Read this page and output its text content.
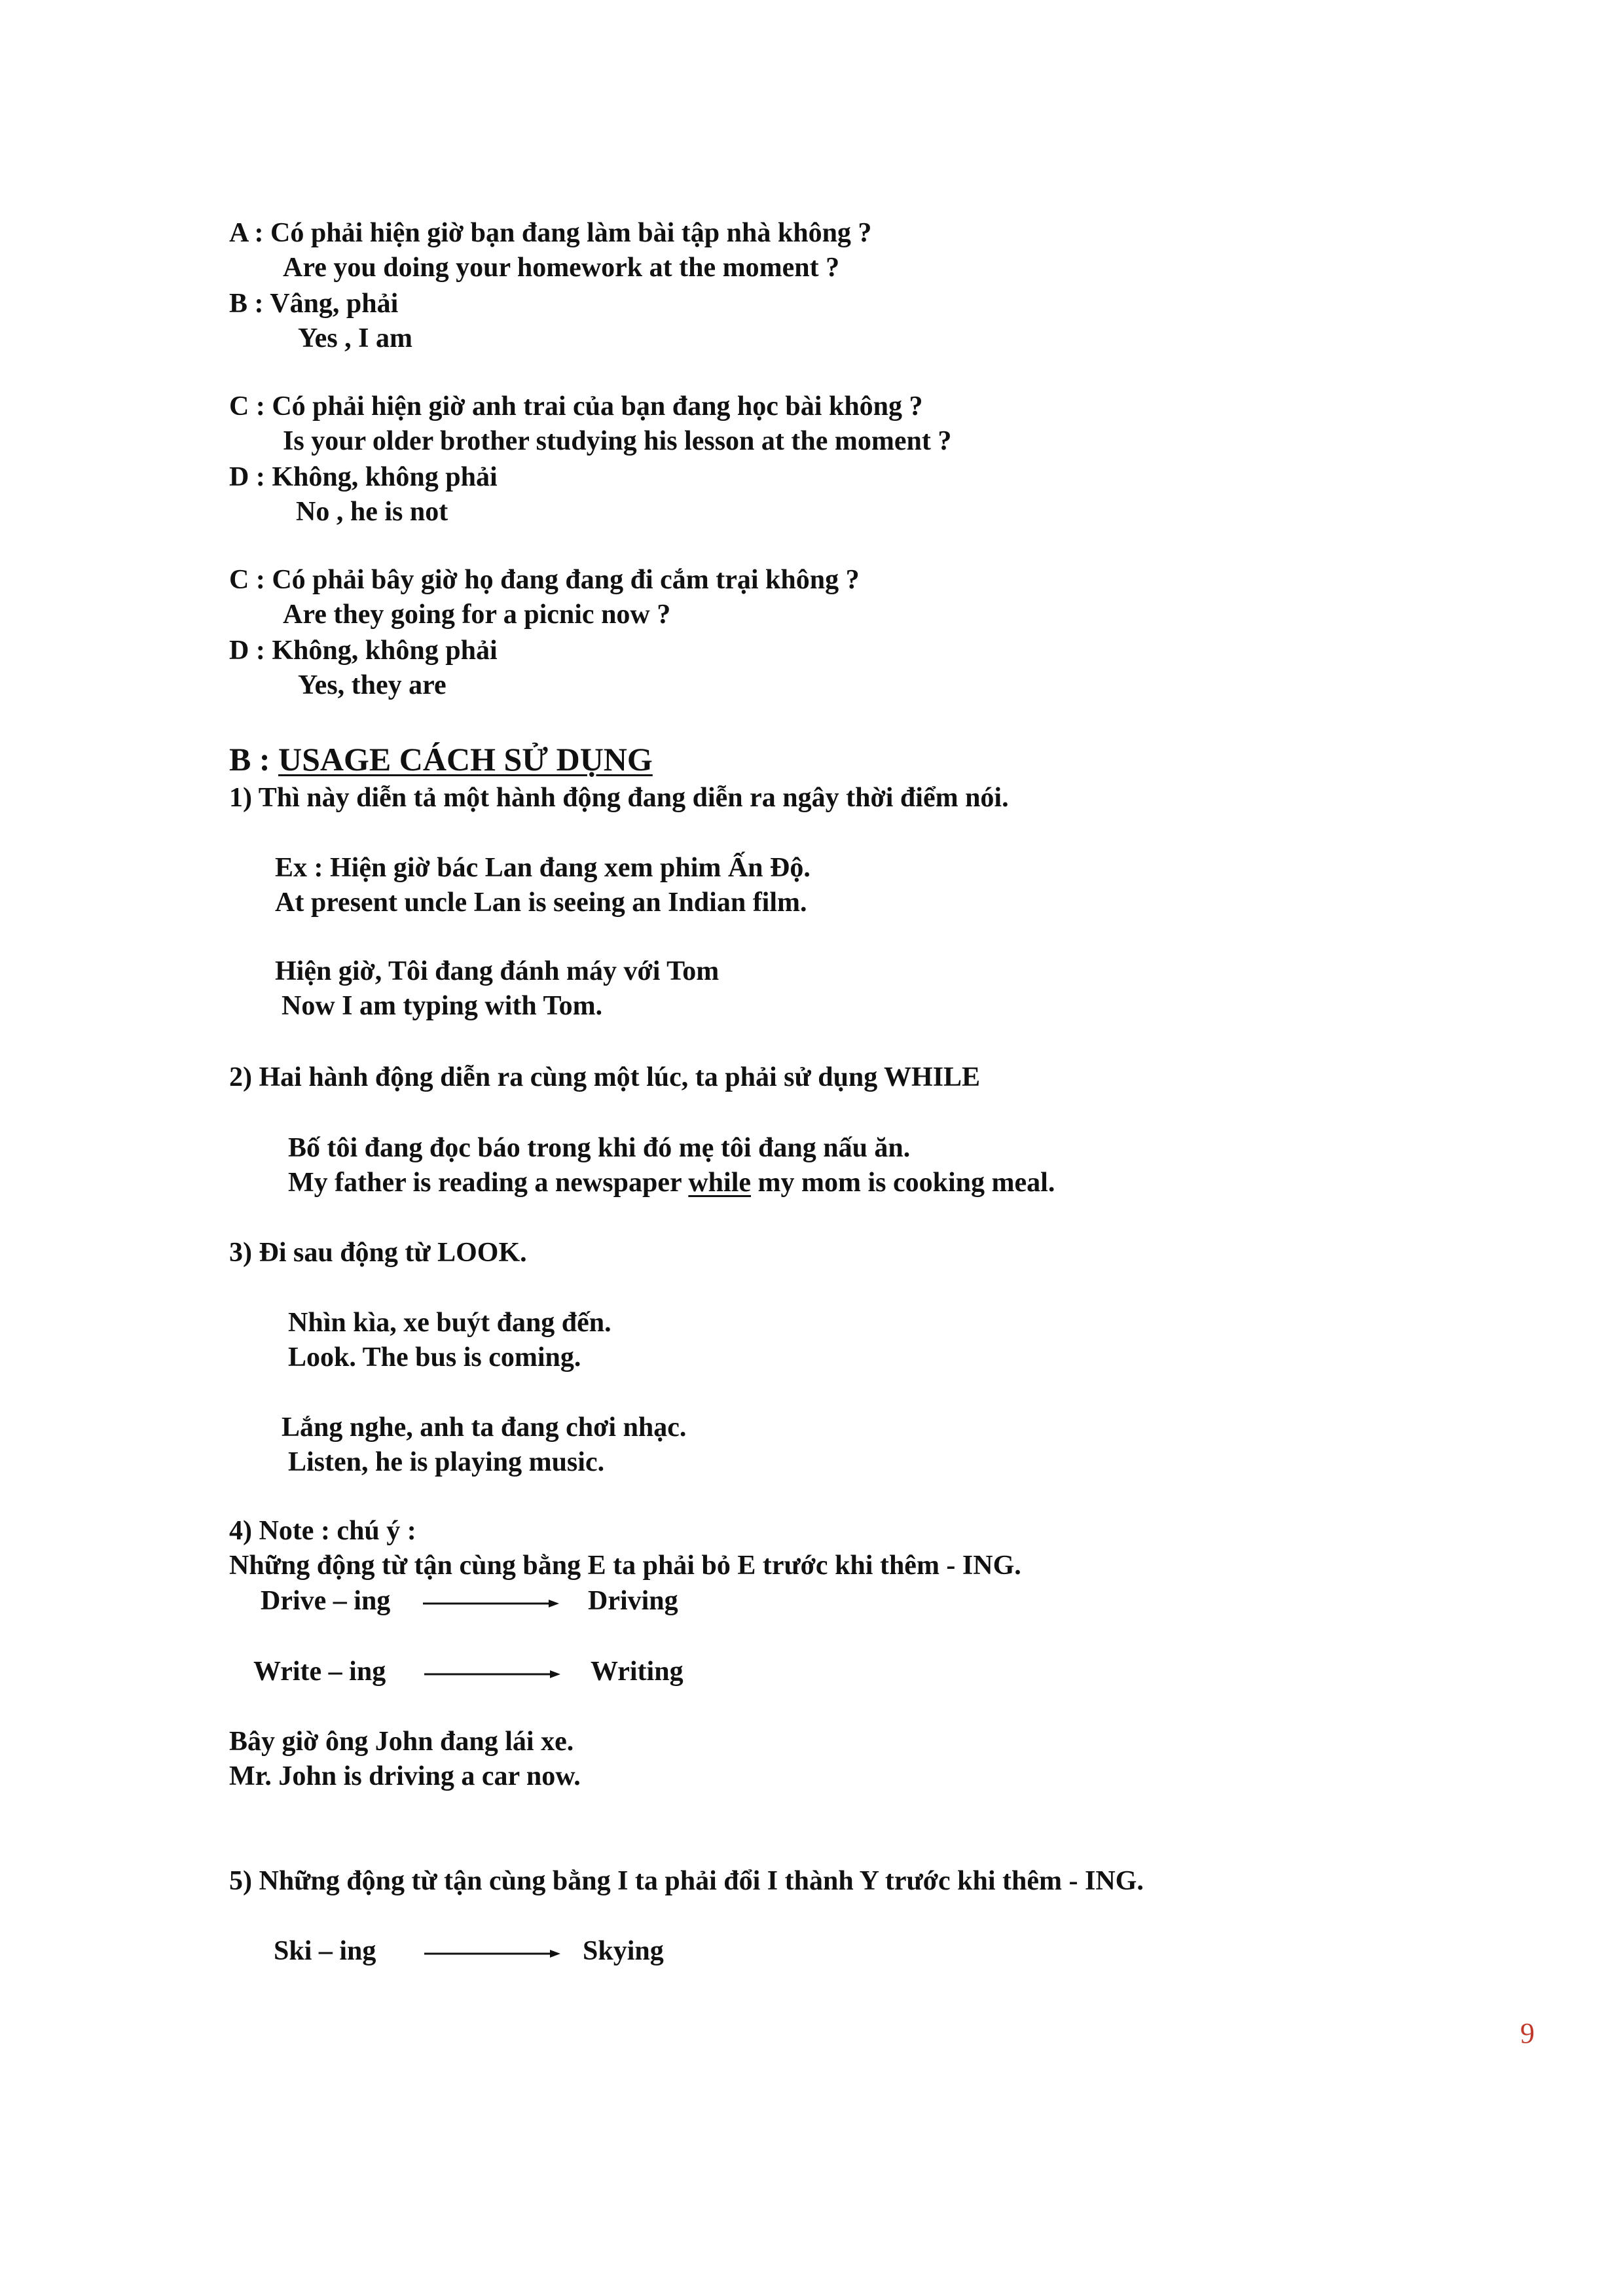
A : Có phải hiện giờ bạn đang làm bài tập nhà không ?
Are you doing your homework at the moment ?
B : Vâng, phải
Yes , I am
C : Có phải hiện giờ anh trai của bạn đang học bài không ?
Is your older brother studying his lesson at the moment ?
D : Không, không phải
No , he is not
C : Có phải bây giờ họ đang đang đi cắm trại không ?
Are they going for a picnic now ?
D : Không, không phải
Yes, they are
B : USAGE CÁCH SỬ DỤNG
1) Thì này diễn tả một hành động đang diễn ra ngây thời điểm nói.
Ex : Hiện giờ bác Lan đang xem phim Ấn Độ.
At present uncle Lan is seeing an Indian film.
Hiện giờ, Tôi đang đánh máy với Tom
Now I am typing with Tom.
2) Hai hành động diễn ra cùng một lúc, ta phải sử dụng WHILE
Bố tôi đang đọc báo trong khi đó mẹ tôi đang nấu ăn.
My father is reading a newspaper while my mom is cooking meal.
3) Đi sau động từ LOOK.
Nhìn kìa, xe buýt đang đến.
Look. The bus is coming.
Lắng nghe, anh ta đang chơi nhạc.
Listen, he is playing music.
4) Note : chú ý :
Những động từ tận cùng bằng E ta phải bỏ E trước khi thêm - ING.
Drive – ing	Driving
Write – ing	Writing
Bây giờ ông John đang lái xe.
Mr. John is driving a car now.
5) Những động từ tận cùng bằng I ta phải đổi I thành Y trước khi thêm - ING.
Ski – ing	Skying
9
